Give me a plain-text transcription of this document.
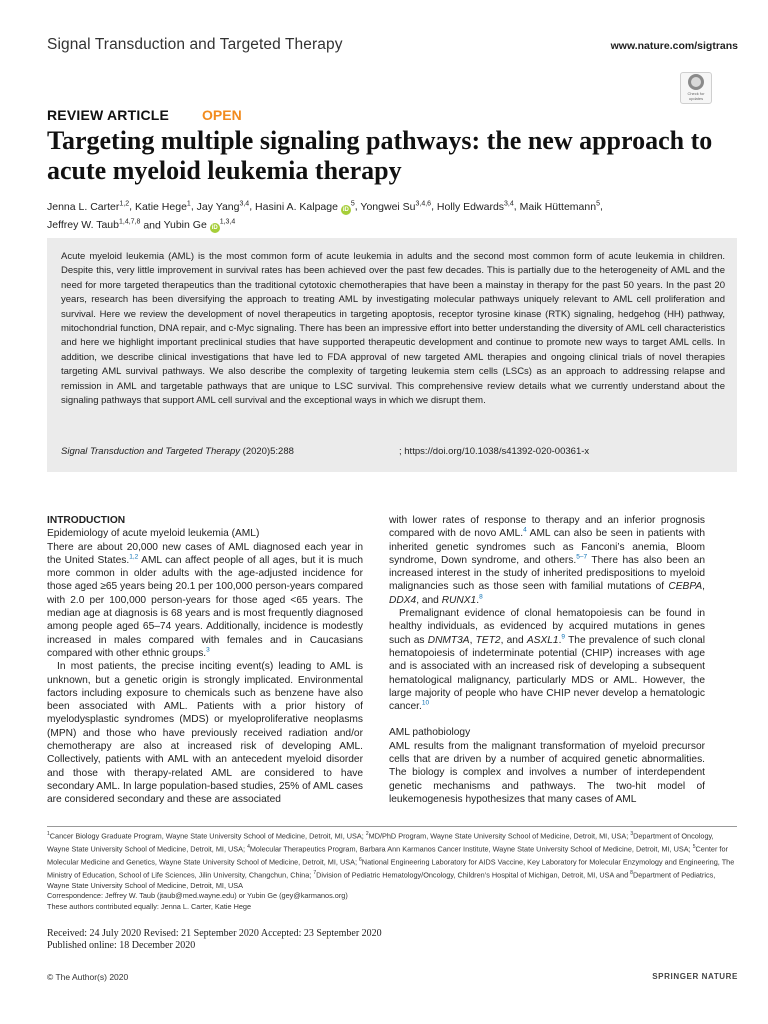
Signal Transduction and Targeted Therapy	www.nature.com/sigtrans
Check for updates
REVIEW ARTICLE OPEN
Targeting multiple signaling pathways: the new approach to acute myeloid leukemia therapy
Jenna L. Carter$^{1,2}$, Katie Hege$^1$, Jay Yang$^{3,4}$, Hasini A. Kalpage $iD^5$, Yongwei Su$^{3,4,6}$, Holly Edwards$^{3,4}$, Maik Hüttemann$^5$,
Jeffrey W. Taub$^{1,4,7,8}$ and Yubin Ge iD$^{1,3,4}$

Acute myeloid leukemia (AML) is the most common form of acute leukemia in adults and the second most common form of acute leukemia in children. Despite this, very little improvement in survival rates has been achieved over the past few decades. This is partially due to the heterogeneity of AML and the need for more targeted therapeutics than the traditional cytotoxic chemotherapies that have been a mainstay in therapy for the past 50 years. In the past 20 years, research has been diversifying the approach to treating AML by investigating molecular pathways uniquely relevant to AML cell proliferation and survival. Here we review the development of novel therapeutics in targeting apoptosis, receptor tyrosine kinase (RTK) signaling, hedgehog (HH) pathway, mitochondrial function, DNA repair, and c-Myc signaling. There has been an impressive effort into better understanding the diversity of AML cell characteristics and here we highlight important preclinical studies that have supported therapeutic development and continue to promote new ways to target AML cells. In addition, we describe clinical investigations that have led to FDA approval of new targeted AML therapies and ongoing clinical trials of novel therapies targeting AML survival pathways. We also describe the complexity of targeting leukemia stem cells (LSCs) as an approach to addressing relapse and remission in AML and targetable pathways that are unique to LSC survival. This comprehensive review details what we currently understand about the signaling pathways that support AML cell survival and the exceptional ways in which we disrupt them.

Signal Transduction and Targeted Therapy (2020)5:288	; https://doi.org/10.1038/s41392-020-00361-x
INTRODUCTION
Epidemiology of acute myeloid leukemia (AML)

There are about 20,000 new cases of AML diagnosed each year in the United States.$^{1,2}$ AML can affect people of all ages, but it is much more common in older adults with the age-adjusted incidence for those aged ≥65 years being 20.1 per 100,000 person-years compared with 2.0 per 100,000 person-years for those aged <65 years. The median age at diagnosis is 68 years and is most frequently diagnosed among people aged 65–74 years. Additionally, incidence is modestly increased in males compared with females and in Caucasians compared with other ethnic groups.$^3$

In most patients, the precise inciting event(s) leading to AML is unknown, but a genetic origin is strongly implicated. Environmental factors including exposure to chemicals such as benzene have also been associated with AML. Patients with a prior history of myelodysplastic syndromes (MDS) or myeloproliferative neoplasms (MPN) and those who have previously received radiation and/or chemotherapy are also at increased risk of developing AML. Collectively, patients with AML with an antecedent myeloid disorder and those with therapy-related AML are considered to have secondary AML. In large population-based studies, 25% of AML cases are considered secondary and these are associated

with lower rates of response to therapy and an inferior prognosis compared with de novo AML.$^4$ AML can also be seen in patients with inherited genetic syndromes such as Fanconi’s anemia, Bloom syndrome, Down syndrome, and others.$^{5-7}$ There has also been an increased interest in the study of inherited predispositions to myeloid malignancies such as those seen with familial mutations of CEBPA, DDX4, and RUNX1.$^8$

Premalignant evidence of clonal hematopoiesis can be found in healthy individuals, as evidenced by acquired mutations in genes such as DNMT3A, TET2, and ASXL1.$^9$ The prevalence of such clonal hematopoiesis of indeterminate potential (CHIP) increases with age and is associated with an increased risk of developing a subsequent hematological malignancy, particularly MDS or AML. However, the large majority of people who have CHIP never develop a hematologic cancer.$^{10}$

AML pathobiology

AML results from the malignant transformation of myeloid precursor cells that are driven by a number of acquired genetic abnormalities. The biology is complex and involves a number of interdependent genetic mechanisms and pathways. The two-hit model of leukemogenesis hypothesizes that many cases of AML

$^1$Cancer Biology Graduate Program, Wayne State University School of Medicine, Detroit, MI, USA; $^2$MD/PhD Program, Wayne State University School of Medicine, Detroit, MI, USA; $^3$Department of Oncology, Wayne State University School of Medicine, Detroit, MI, USA; $^4$Molecular Therapeutics Program, Barbara Ann Karmanos Cancer Institute, Wayne State University School of Medicine, Detroit, MI, USA; $^5$Center for Molecular Medicine and Genetics, Wayne State University School of Medicine, Detroit, MI, USA; $^6$National Engineering Laboratory for AIDS Vaccine, Key Laboratory for Molecular Enzymology and Engineering, The Ministry of Education, School of Life Sciences, Jilin University, Changchun, China; $^7$Division of Pediatric Hematology/Oncology, Children’s Hospital of Michigan, Detroit, MI, USA and $^8$Department of Pediatrics, Wayne State University School of Medicine, Detroit, MI, USA
Correspondence: Jeffrey W. Taub (jtaub@med.wayne.edu) or Yubin Ge (gey@karmanos.org)
These authors contributed equally: Jenna L. Carter, Katie Hege
Received: 24 July 2020 Revised: 21 September 2020 Accepted: 23 September 2020
Published online: 18 December 2020
© The Author(s) 2020	SPRINGER NATURE
